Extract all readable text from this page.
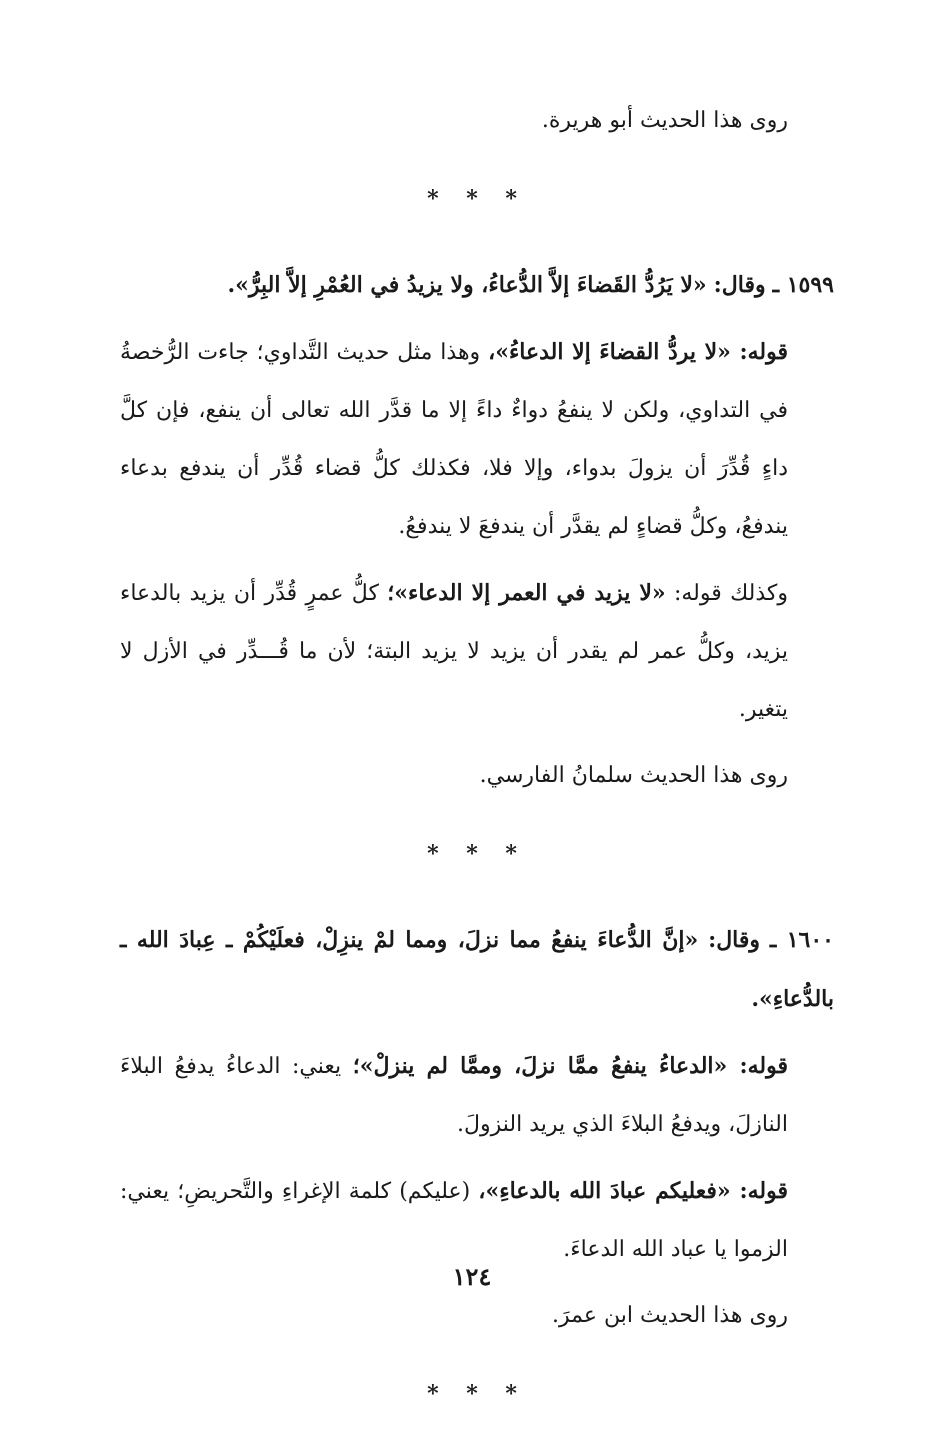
روى هذا الحديث أبو هريرة.

* * *

١٥٩٩ ـ وقال: «لا يَرُدُّ القَضاءَ إلاَّ الدُّعاءُ، ولا يزيدُ في العُمْرِ إلاَّ البِرُّ».

قوله: «لا يردُّ القضاءَ إلا الدعاءُ»، وهذا مثل حديث التَّداوي؛ جاءت الرُّخصةُ في التداوي، ولكن لا ينفعُ دواءٌ داءً إلا ما قدَّر الله تعالى أن ينفع، فإن كلَّ داءٍ قُدِّرَ أن يزولَ بدواء، وإلا فلا، فكذلك كلُّ قضاء قُدِّر أن يندفع بدعاء يندفعُ، وكلُّ قضاءٍ لم يقدَّر أن يندفعَ لا يندفعُ.

وكذلك قوله: «لا يزيد في العمر إلا الدعاء»؛ كلُّ عمرٍ قُدِّر أن يزيد بالدعاء يزيد، وكلُّ عمر لم يقدر أن يزيد لا يزيد البتة؛ لأن ما قُـــدِّر في الأزل لا يتغير.

روى هذا الحديث سلمانُ الفارسي.

* * *

١٦٠٠ ـ وقال: «إنَّ الدُّعاءَ ينفعُ مما نزلَ، ومما لمْ ينزِلْ، فعلَيْكُمْ ـ عِبادَ الله ـ بالدُّعاءِ».

قوله: «الدعاءُ ينفعُ ممَّا نزلَ، وممَّا لم ينزلْ»؛ يعني: الدعاءُ يدفعُ البلاءَ النازلَ، ويدفعُ البلاءَ الذي يريد النزولَ.

قوله: «فعليكم عبادَ الله بالدعاءِ»، (عليكم) كلمة الإغراءِ والتَّحريضِ؛ يعني: الزموا يا عباد الله الدعاءَ.

روى هذا الحديث ابن عمرَ.

* * *
١٢٤
